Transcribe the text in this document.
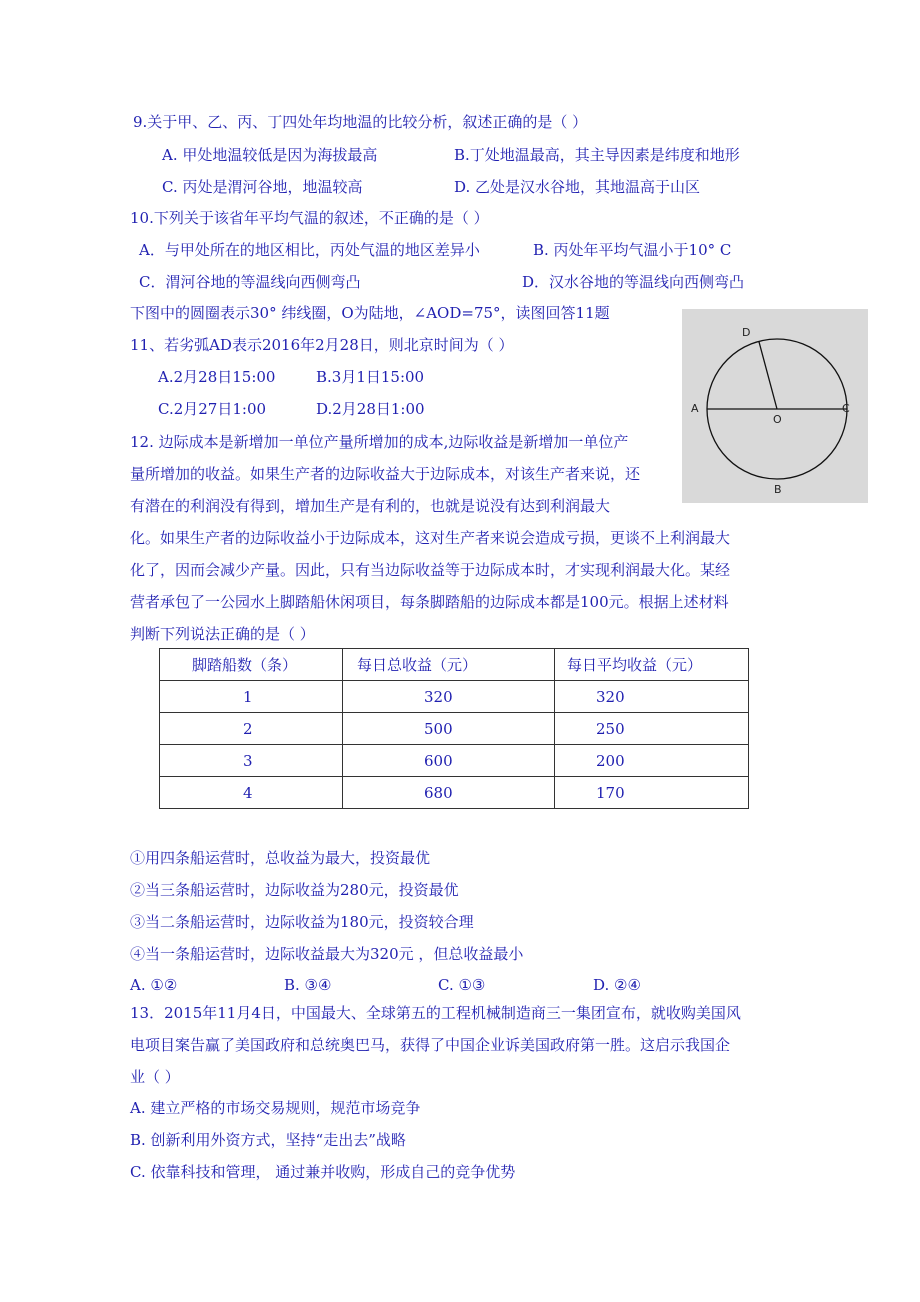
9.关于甲、乙、丙、丁四处年均地温的比较分析，叙述正确的是（ ）
A. 甲处地温较低是因为海拔最高	B.丁处地温最高，其主导因素是纬度和地形
C. 丙处是渭河谷地，地温较高	D. 乙处是汉水谷地，其地温高于山区
10.下列关于该省年平均气温的叙述，不正确的是（ ）
A．与甲处所在的地区相比，丙处气温的地区差异小	B. 丙处年平均气温小于10° C
C．渭河谷地的等温线向西侧弯凸	D．汉水谷地的等温线向西侧弯凸
下图中的圆圈表示30° 纬线圈，O为陆地，∠AOD=75°，读图回答11题
11、若劣弧AD表示2016年2月28日，则北京时间为（ ）
A.2月28日15:00	B.3月1日15:00
C.2月27日1:00	D.2月28日1:00	A	C
D
O
B
12. 边际成本是新增加一单位产量所增加的成本,边际收益是新增加一单位产
量所增加的收益。如果生产者的边际收益大于边际成本，对该生产者来说，还
有潜在的利润没有得到，增加生产是有利的，也就是说没有达到利润最大
化。如果生产者的边际收益小于边际成本，这对生产者来说会造成亏损，更谈不上利润最大
化了，因而会减少产量。因此，只有当边际收益等于边际成本时，才实现利润最大化。某经
营者承包了一公园水上脚踏船休闲项目，每条脚踏船的边际成本都是100元。根据上述材料
判断下列说法正确的是（ ）
脚踏船数（条）	每日总收益（元）	每日平均收益（元）
1	320	320
2	500	250
3	600	200
4	680	170
①用四条船运营时，总收益为最大，投资最优
②当三条船运营时，边际收益为280元，投资最优
③当二条船运营时，边际收益为180元，投资较合理
④当一条船运营时，边际收益最大为320元 ，但总收益最小
A. ①②	B. ③④	C. ①③	D. ②④
13．2015年11月4日，中国最大、全球第五的工程机械制造商三一集团宣布，就收购美国风
电项目案告赢了美国政府和总统奥巴马，获得了中国企业诉美国政府第一胜。这启示我国企
业（ ）
A. 建立严格的市场交易规则，规范市场竞争
B. 创新利用外资方式，坚持“走出去”战略
C. 依靠科技和管理， 通过兼并收购，形成自己的竞争优势
